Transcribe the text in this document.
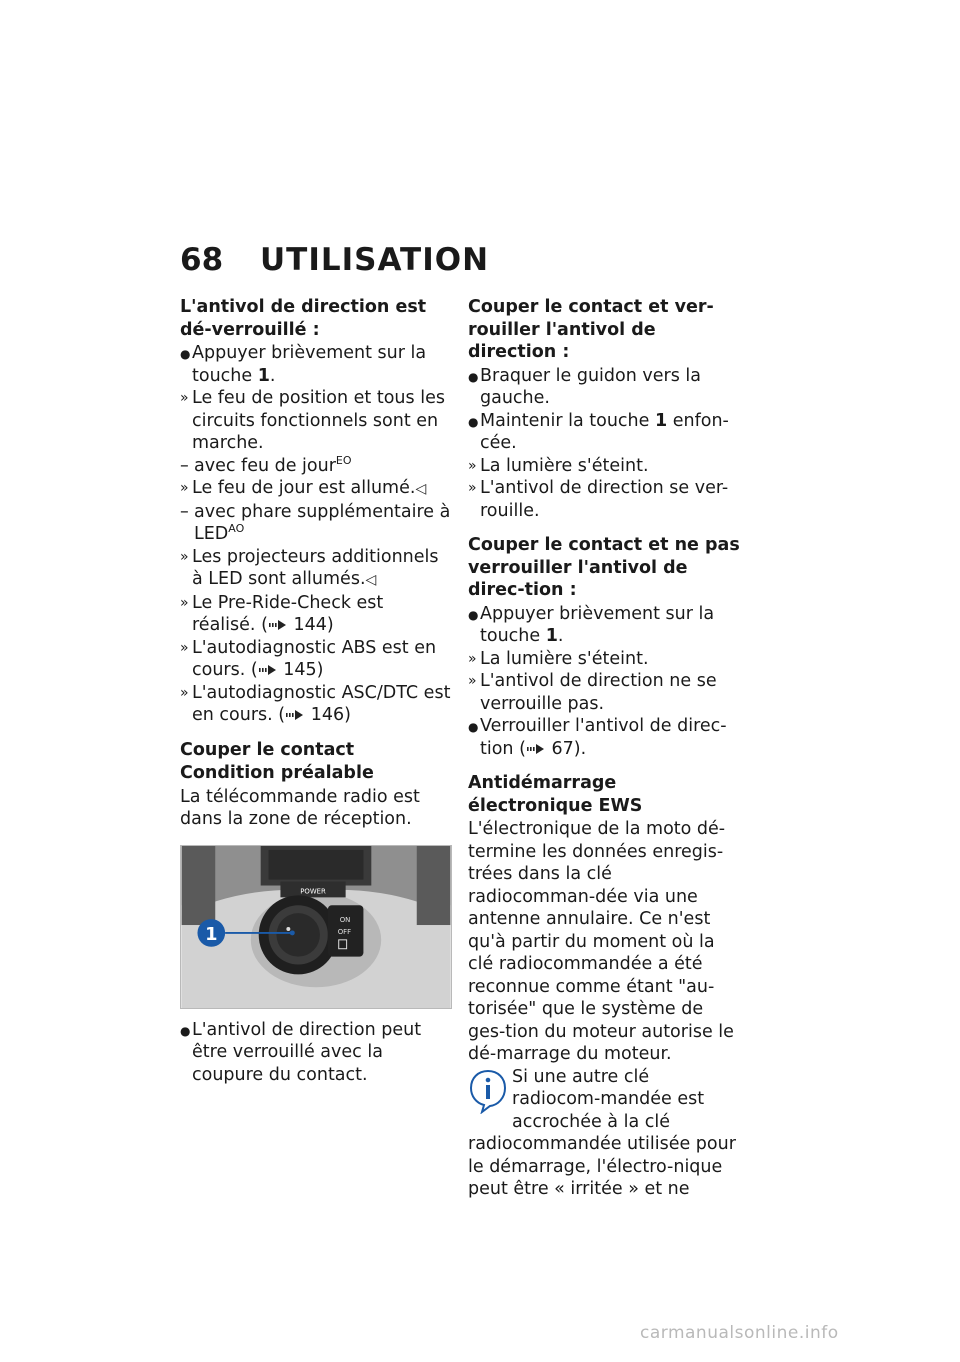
68	UTILISATION
L'antivol de direction est dé-verrouillé :
● Appuyer brièvement sur la touche 1.
» Le feu de position et tous les circuits fonctionnels sont en marche.
– avec feu de jour$^{EO}$
» Le feu de jour est allumé.◁
– avec phare supplémentaire à $LED^{AO}$
» Les projecteurs additionnels à LED sont allumés.◁
» Le Pre-Ride-Check est réalisé. ( 144)
» L'autodiagnostic ABS est en cours. ( 145)
» L'autodiagnostic ASC/DTC est en cours. ( 146)
Couper le contact
Condition préalable
La télécommande radio est dans la zone de réception.
POWER
ON
OFF
1
● L'antivol de direction peut être verrouillé avec la coupure du contact.
Couper le contact et ver-rouiller l'antivol de direction :
● Braquer le guidon vers la gauche.
● Maintenir la touche 1 enfon-cée.
» La lumière s'éteint.
» L'antivol de direction se ver-rouille.
Couper le contact et ne pas verrouiller l'antivol de direc-tion :
● Appuyer brièvement sur la touche 1.
» La lumière s'éteint.
» L'antivol de direction ne se verrouille pas.
● Verrouiller l'antivol de direc-tion ( 67).
Antidémarrage électronique EWS
L'électronique de la moto dé-termine les données enregis-trées dans la clé radiocomman-dée via une antenne annulaire. Ce n'est qu'à partir du moment où la clé radiocommandée a été reconnue comme étant "au-torisée" que le système de ges-tion du moteur autorise le dé-marrage du moteur.
Si une autre clé radiocom-mandée est accrochée à la clé radiocommandée utilisée pour le démarrage, l'électro-nique peut être « irritée » et ne
carmanualsonline.info
